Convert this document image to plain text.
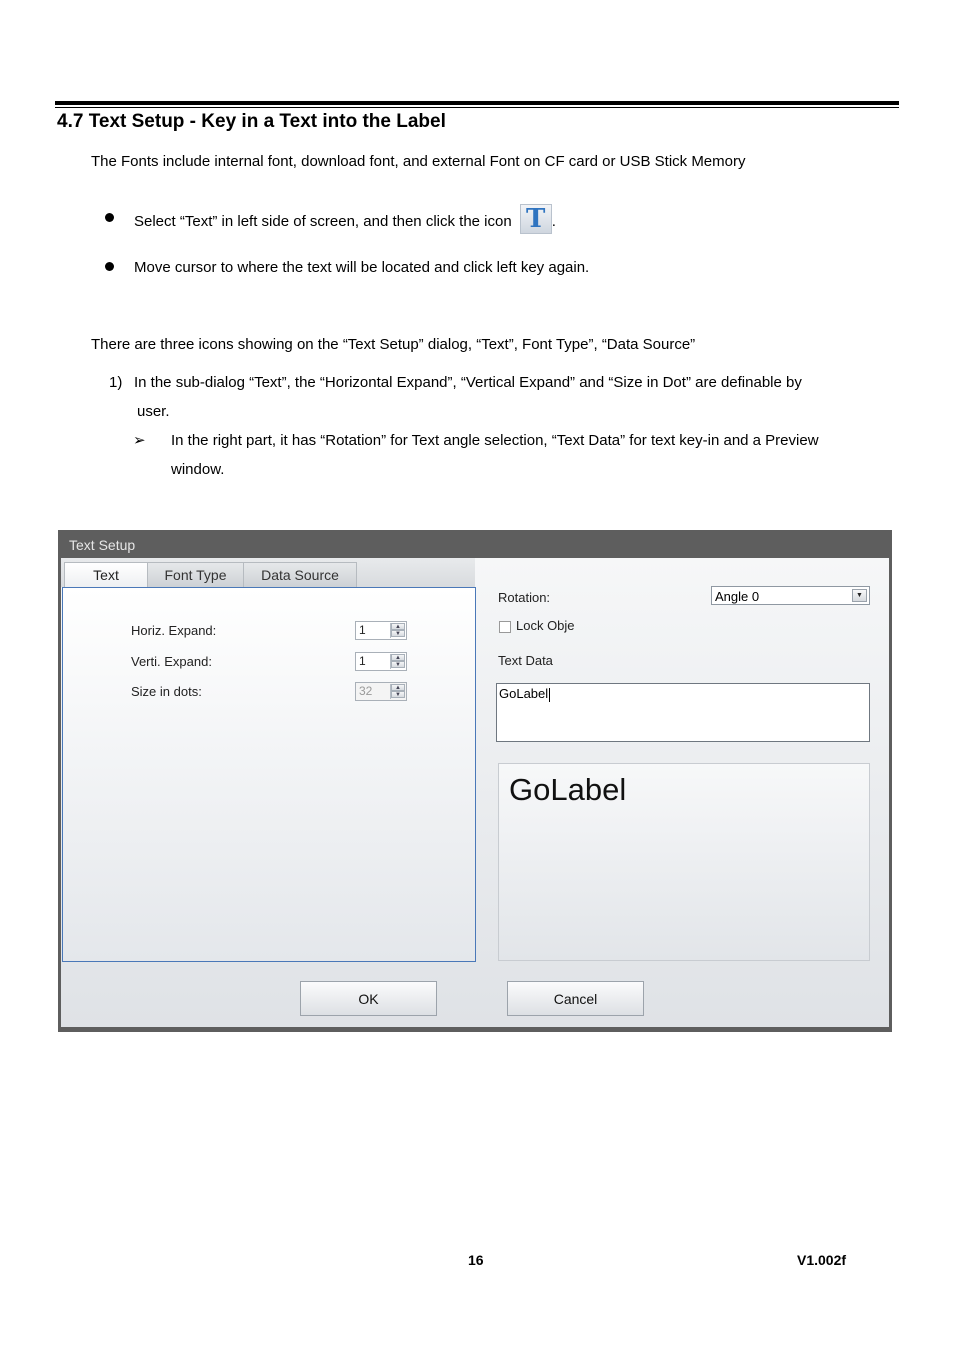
4.7 Text Setup - Key in a Text into the Label
The Fonts include internal font, download font, and external Font on CF card or USB Stick Memory
Select “Text” in left side of screen, and then click the icon T .
Move cursor to where the text will be located and click left key again.
There are three icons showing on the “Text Setup” dialog, “Text”, Font Type”, “Data Source”
1) In the sub-dialog “Text”, the “Horizontal Expand”, “Vertical Expand” and “Size in Dot” are definable by
user.
➢ In the right part, it has “Rotation” for Text angle selection, “Text Data” for text key-in and a Preview
window.
Text Setup
Text	Font Type	Data Source
Horiz. Expand:	1	▲
▼
Verti. Expand:	1	▲
▼
Size in dots:	32	▲
▼
Rotation:	Angle 0	▼
Lock Obje
Text Data
GoLabel
GoLabel
OK	Cancel
16	V1.002f
